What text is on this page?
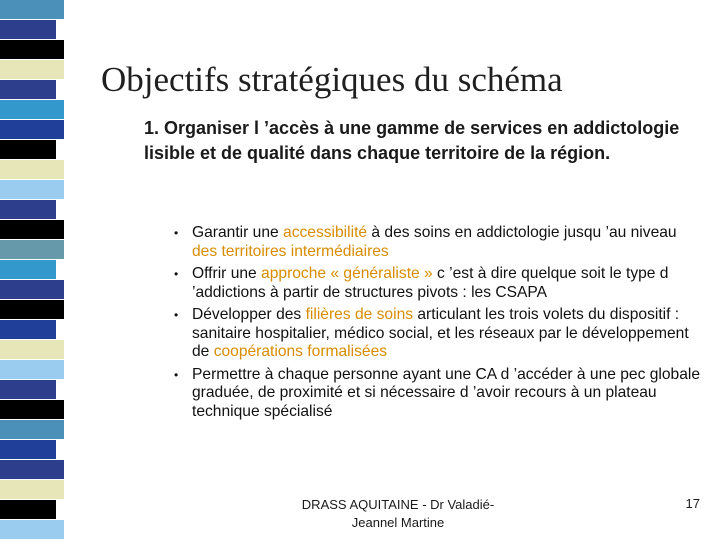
Objectifs stratégiques du schéma
1. Organiser l ’accès à une gamme de services en addictologie lisible et de qualité dans chaque territoire de la région.
• Garantir une accessibilité à des soins en addictologie jusqu ’au niveau des territoires intermédiaires
• Offrir une approche « généraliste » c ’est à dire quelque soit le type d ’addictions à partir de structures pivots : les CSAPA
• Développer des filières de soins articulant les trois volets du dispositif : sanitaire hospitalier, médico social, et les réseaux par le développement de coopérations formalisées
• Permettre à chaque personne ayant une CA d ’accéder à une pec globale graduée, de proximité et si nécessaire d ’avoir recours à un plateau technique spécialisé
DRASS AQUITAINE - Dr Valadié-Jeannel Martine
17
